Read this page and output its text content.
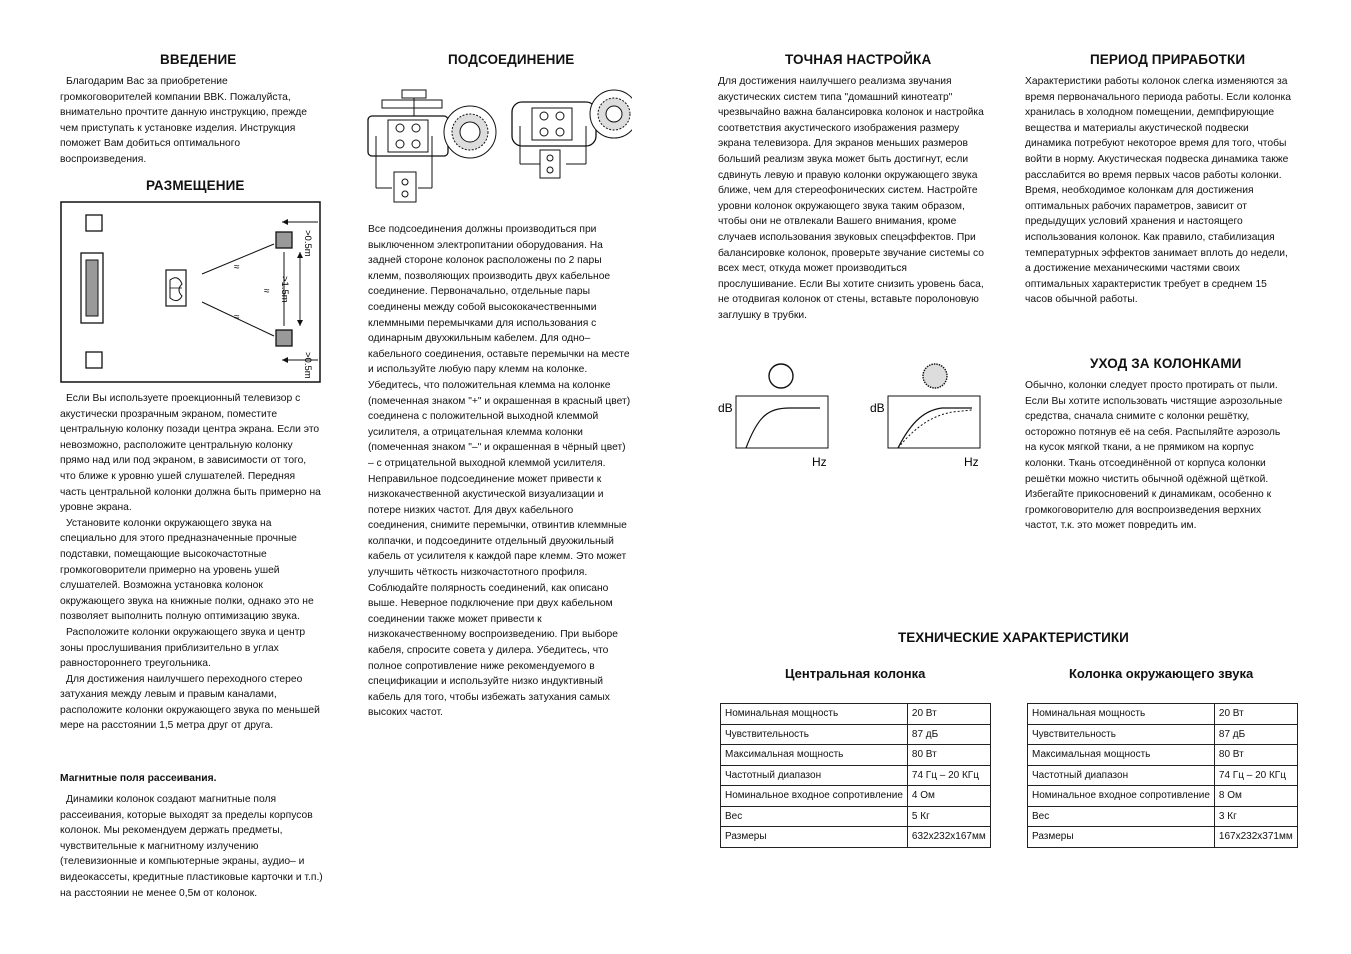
ВВЕДЕНИЕ

Благодарим Вас за приобретение громкоговорителей компании BBK. Пожалуйста, внимательно прочтите данную инструкцию, прежде чем приступать к установке изделия. Инструкция поможет Вам добиться оптимального воспроизведения.

РАЗМЕЩЕНИЕ
≈
≈
≈
>0.5m
>1.5m
>0.5m

Если Вы используете проекционный телевизор с акустически прозрачным экраном, поместите центральную колонку позади центра экрана. Если это невозможно, расположите центральную колонку прямо над или под экраном, в зависимости от того, что ближе к уровню ушей слушателей. Передняя часть центральной колонки должна быть примерно на уровне экрана.

Установите колонки окружающего звука на специально для этого предназначенные прочные подставки, помещающие высокочастотные громкоговорители примерно на уровень ушей слушателей. Возможна установка колонок окружающего звука на книжные полки, однако это не позволяет выполнить полную оптимизацию звука.

Расположите колонки окружающего звука и центр зоны прослушивания приблизительно в углах равностороннего треугольника.

Для достижения наилучшего переходного стерео затухания между левым и правым каналами, расположите колонки окружающего звука по меньшей мере на расстоянии 1,5 метра друг от друга.

Магнитные поля рассеивания.

Динамики колонок создают магнитные поля рассеивания, которые выходят за пределы корпусов колонок. Мы рекомендуем держать предметы, чувствительные к магнитному излучению (телевизионные и компьютерные экраны, аудио– и видеокассеты, кредитные пластиковые карточки и т.п.) на расстоянии не менее 0,5м от колонок.

ПОДСОЕДИНЕНИЕ

Все подсоединения должны производиться при выключенном электропитании оборудования. На задней стороне колонок расположены по 2 пары клемм, позволяющих производить двух кабельное соединение. Первоначально, отдельные пары соединены между собой высококачественными клеммными перемычками для использования с одинарным двухжильным кабелем. Для одно–кабельного соединения, оставьте перемычки на месте и используйте любую пару клемм на колонке. Убедитесь, что положительная клемма на колонке (помеченная знаком "+" и окрашенная в красный цвет) соединена с положительной выходной клеммой усилителя, а отрицательная клемма колонки (помеченная знаком "–" и окрашенная в чёрный цвет) – с отрицательной выходной клеммой усилителя. Неправильное подсоединение может привести к низкокачественной акустической визуализации и потере низких частот. Для двух кабельного соединения, снимите перемычки, отвинтив клеммные колпачки, и подсоедините отдельный двухжильный кабель от усилителя к каждой паре клемм. Это может улучшить чёткость низкочастотного профиля. Соблюдайте полярность соединений, как описано выше. Неверное подключение при двух кабельном соединении также может привести к низкокачественному воспроизведению. При выборе кабеля, спросите совета у дилера. Убедитесь, что полное сопротивление ниже рекомендуемого в спецификации и используйте низко индуктивный кабель для того, чтобы избежать затухания самых высоких частот.

ТОЧНАЯ НАСТРОЙКА

Для достижения наилучшего реализма звучания акустических систем типа "домашний кинотеатр" чрезвычайно важна балансировка колонок и настройка соответствия акустического изображения размеру экрана телевизора. Для экранов меньших размеров больший реализм звука может быть достигнут, если сдвинуть левую и правую колонки окружающего звука ближе, чем для стереофонических систем. Настройте уровни колонок окружающего звука таким образом, чтобы они не отвлекали Вашего внимания, кроме случаев использования звуковых спецэффектов. При балансировке колонок, проверьте звучание системы со всех мест, откуда может производиться прослушивание. Если Вы хотите снизить уровень баса, не отодвигая колонок от стены, вставьте поролоновую заглушку в трубки.

dB
Hz
dB
Hz
ПЕРИОД ПРИРАБОТКИ

Характеристики работы колонок слегка изменяются за время первоначального периода работы. Если колонка хранилась в холодном помещении, демпфирующие вещества и материалы акустической подвески динамика потребуют некоторое время для того, чтобы войти в норму. Акустическая подвеска динамика также расслабится во время первых часов работы колонки. Время, необходимое колонкам для достижения оптимальных рабочих параметров, зависит от предыдущих условий хранения и настоящего использования колонок. Как правило, стабилизация температурных эффектов занимает вплоть до недели, а достижение механическими частями своих оптимальных характеристик требует в среднем 15 часов обычной работы.

УХОД ЗА КОЛОНКАМИ

Обычно, колонки следует просто протирать от пыли. Если Вы хотите использовать чистящие аэрозольные средства, сначала снимите с колонки решётку, осторожно потянув её на себя. Распыляйте аэрозоль на кусок мягкой ткани, а не прямиком на корпус колонки. Ткань отсоединённой от корпуса колонки решётки можно чистить обычной одёжной щёткой. Избегайте прикосновений к динамикам, особенно к громкоговорителю для воспроизведения верхних частот, т.к. это может повредить им.

ТЕХНИЧЕСКИЕ ХАРАКТЕРИСТИКИ
Центральная колонка
Номинальная мощность	20 Вт
Чувствительность	87 дБ
Максимальная мощность	80 Вт
Частотный диапазон	74 Гц – 20 КГц
Номинальное входное сопротивление	4 Ом
Вес	5 Кг
Размеры	632x232x167мм
Колонка окружающего звука
Номинальная мощность	20 Вт
Чувствительность	87 дБ
Максимальная мощность	80 Вт
Частотный диапазон	74 Гц – 20 КГц
Номинальное входное сопротивление	8 Ом
Вес	3 Кг
Размеры	167x232x371мм
